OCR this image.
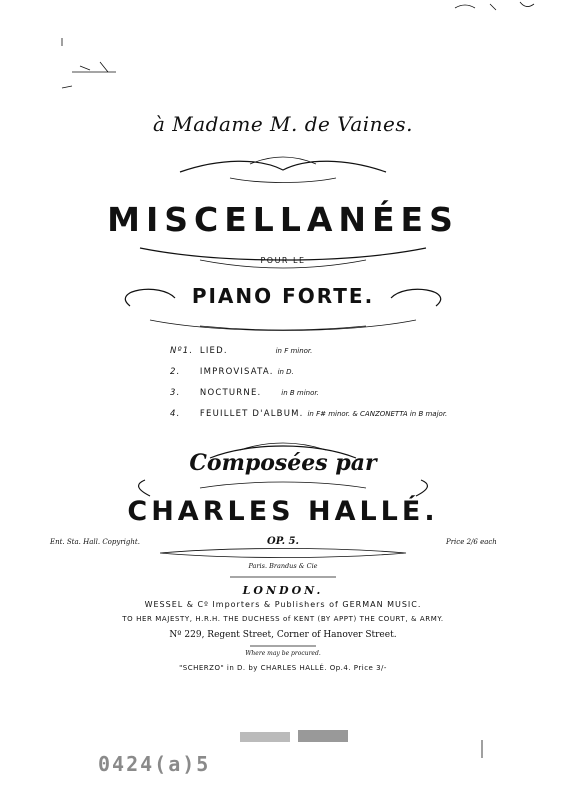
à Madame M. de Vaines.
MISCELLANÉES
POUR LE
PIANO FORTE.
Nº1. LIED.	in F minor.
2. IMPROVISATA. in D.
3. NOCTURNE.	in B minor.
4. FEUILLET D'ALBUM. in F# minor. & CANZONETTA in B major.
Composées par
CHARLES HALLÉ.
Ent. Sta. Hall. Copyright.	OP. 5.	Price 2/6 each
Paris. Brandus & Cie
LONDON.
WESSEL & Cº Importers & Publishers of GERMAN MUSIC.
TO HER MAJESTY, H.R.H. THE DUCHESS of KENT (BY APPT) THE COURT, & ARMY.
Nº 229, Regent Street, Corner of Hanover Street.
Where may be procured.
"SCHERZO" in D. by CHARLES HALLÉ. Op.4. Price 3/-
0424(a)5
